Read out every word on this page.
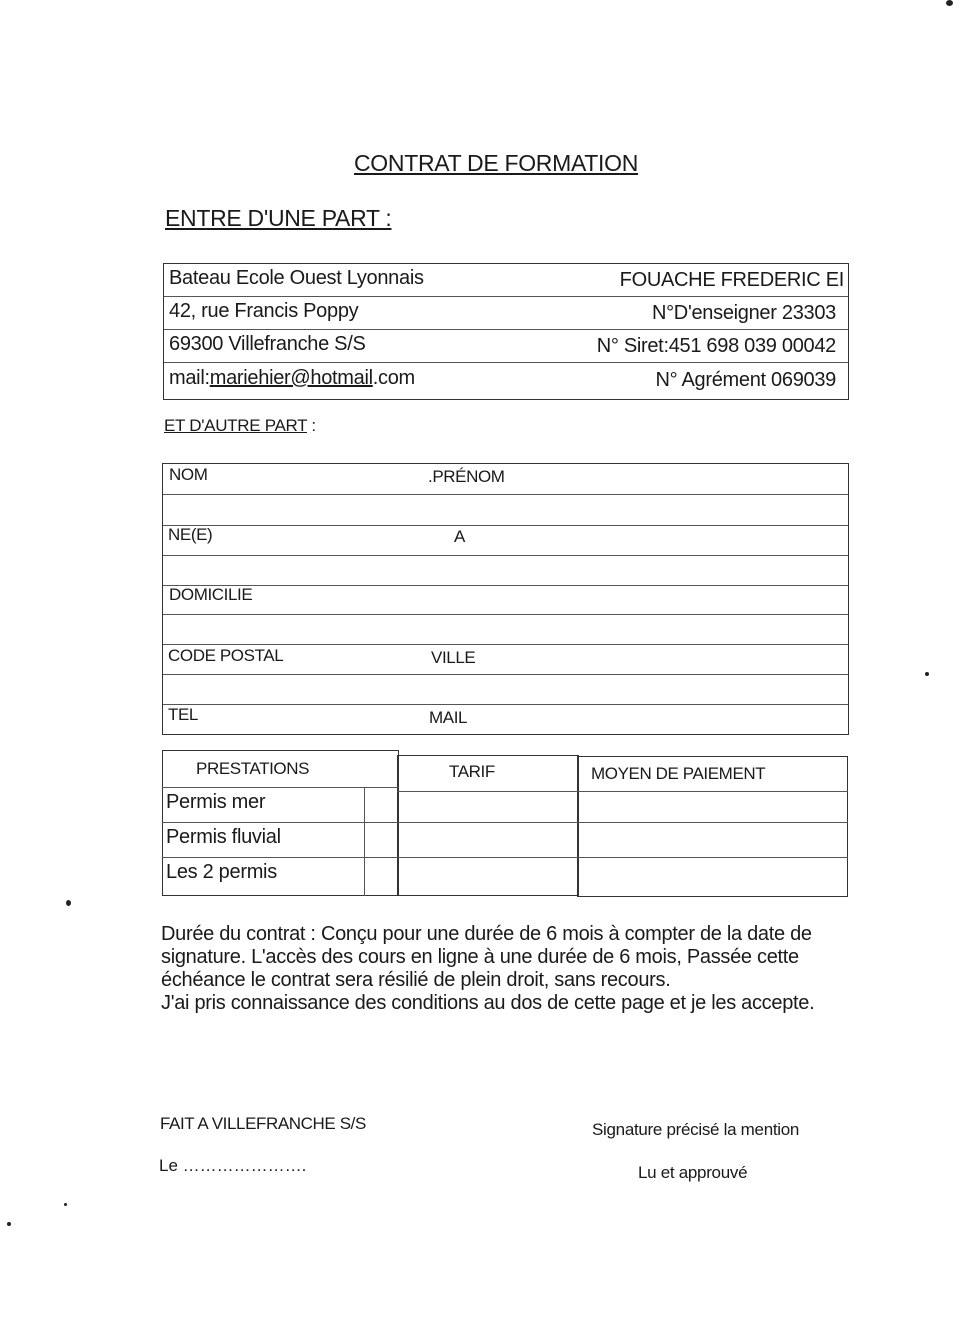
CONTRAT DE FORMATION
ENTRE D'UNE PART :
Bateau Ecole Ouest Lyonnais	FOUACHE FREDERIC EI
42, rue Francis Poppy	N°D'enseigner 23303
69300 Villefranche S/S	N° Siret:451 698 039 00042
mail:mariehier@hotmail.com	N° Agrément 069039
ET D'AUTRE PART :
NOM	.PRÉNOM
NE(E)	A
DOMICILIE
CODE POSTAL	VILLE
TEL	MAIL
PRESTATIONS	TARIF	MOYEN DE PAIEMENT
Permis mer
Permis fluvial
Les 2 permis

Durée du contrat : Conçu pour une durée de 6 mois à compter de la date de signature. L'accès des cours en ligne à une durée de 6 mois, Passée cette échéance le contrat sera résilié de plein droit, sans recours.

J'ai pris connaissance des conditions au dos de cette page et je les accepte.

FAIT A VILLEFRANCHE S/S
Le ………………….
Signature précisé la mention
Lu et approuvé
